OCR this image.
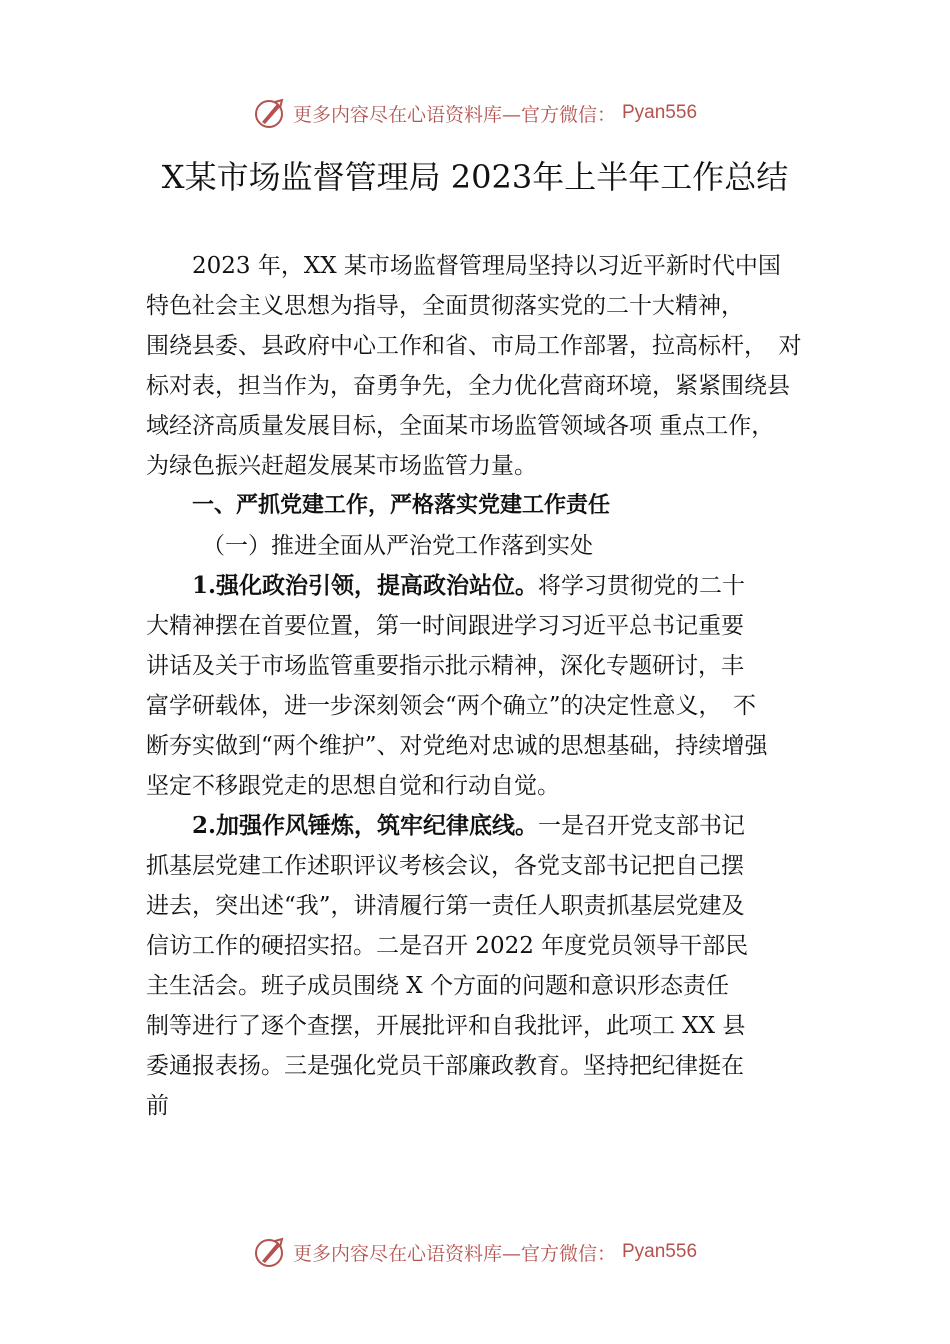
更多内容尽在心语资料库—官方微信： Pyan556
X某市场监督管理局 2023年上半年工作总结
2023 年，XX 某市场监督管理局坚持以习近平新时代中国
特色社会主义思想为指导，全面贯彻落实党的二十大精神，
围绕县委、县政府中心工作和省、市局工作部署，拉高标杆，　对
标对表，担当作为，奋勇争先，全力优化营商环境，紧紧围绕县
域经济高质量发展目标，全面某市场监管领域各项 重点工作，
为绿色振兴赶超发展某市场监管力量。
一、严抓党建工作，严格落实党建工作责任
（一）推进全面从严治党工作落到实处
1.强化政治引领，提高政治站位。将学习贯彻党的二十
大精神摆在首要位置，第一时间跟进学习习近平总书记重要
讲话及关于市场监管重要指示批示精神，深化专题研讨，丰
富学研载体，进一步深刻领会“两个确立”的决定性意义，　不
断夯实做到“两个维护”、对党绝对忠诚的思想基础，持续增强
坚定不移跟党走的思想自觉和行动自觉。
2.加强作风锤炼，筑牢纪律底线。一是召开党支部书记
抓基层党建工作述职评议考核会议，各党支部书记把自己摆
进去，突出述“我”，讲清履行第一责任人职责抓基层党建及
信访工作的硬招实招。二是召开 2022 年度党员领导干部民
主生活会。班子成员围绕 X 个方面的问题和意识形态责任
制等进行了逐个查摆，开展批评和自我批评，此项工 XX 县
委通报表扬。三是强化党员干部廉政教育。坚持把纪律挺在
前
更多内容尽在心语资料库—官方微信： Pyan556
